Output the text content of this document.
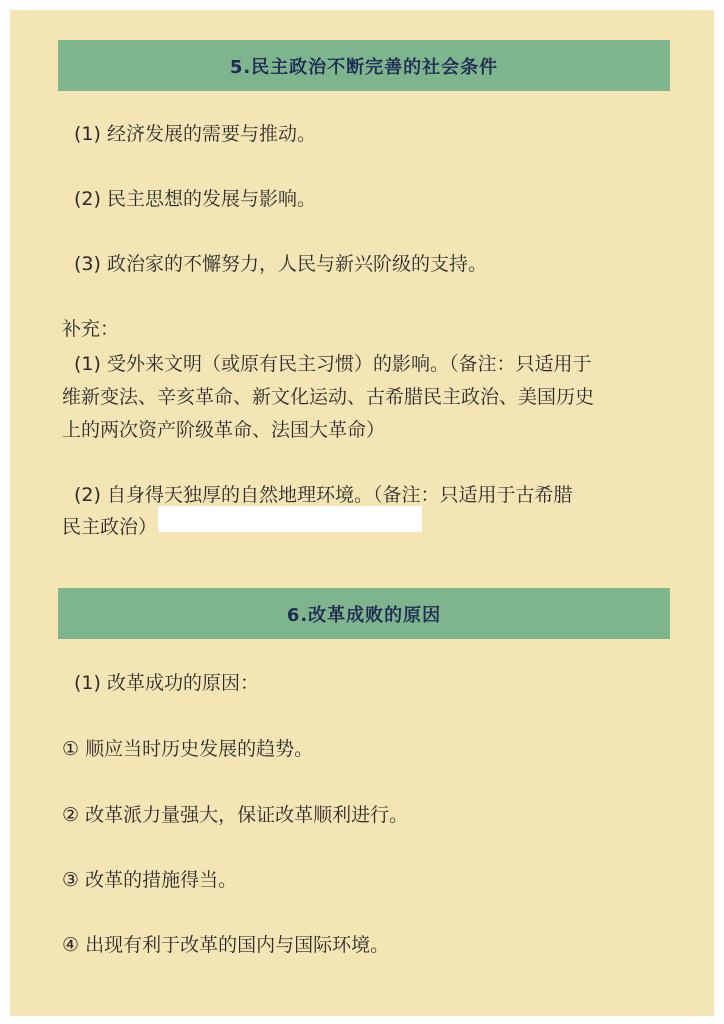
5.民主政治不断完善的社会条件
(1) 经济发展的需要与推动。
(2) 民主思想的发展与影响。
(3) 政治家的不懈努力，人民与新兴阶级的支持。
补充：
(1) 受外来文明（或原有民主习惯）的影响。（备注：只适用于
维新变法、辛亥革命、新文化运动、古希腊民主政治、美国历史
上的两次资产阶级革命、法国大革命）
(2) 自身得天独厚的自然地理环境。（备注：只适用于古希腊
民主政治）
6.改革成败的原因
(1) 改革成功的原因：
① 顺应当时历史发展的趋势。
② 改革派力量强大，保证改革顺利进行。
③ 改革的措施得当。
④ 出现有利于改革的国内与国际环境。
